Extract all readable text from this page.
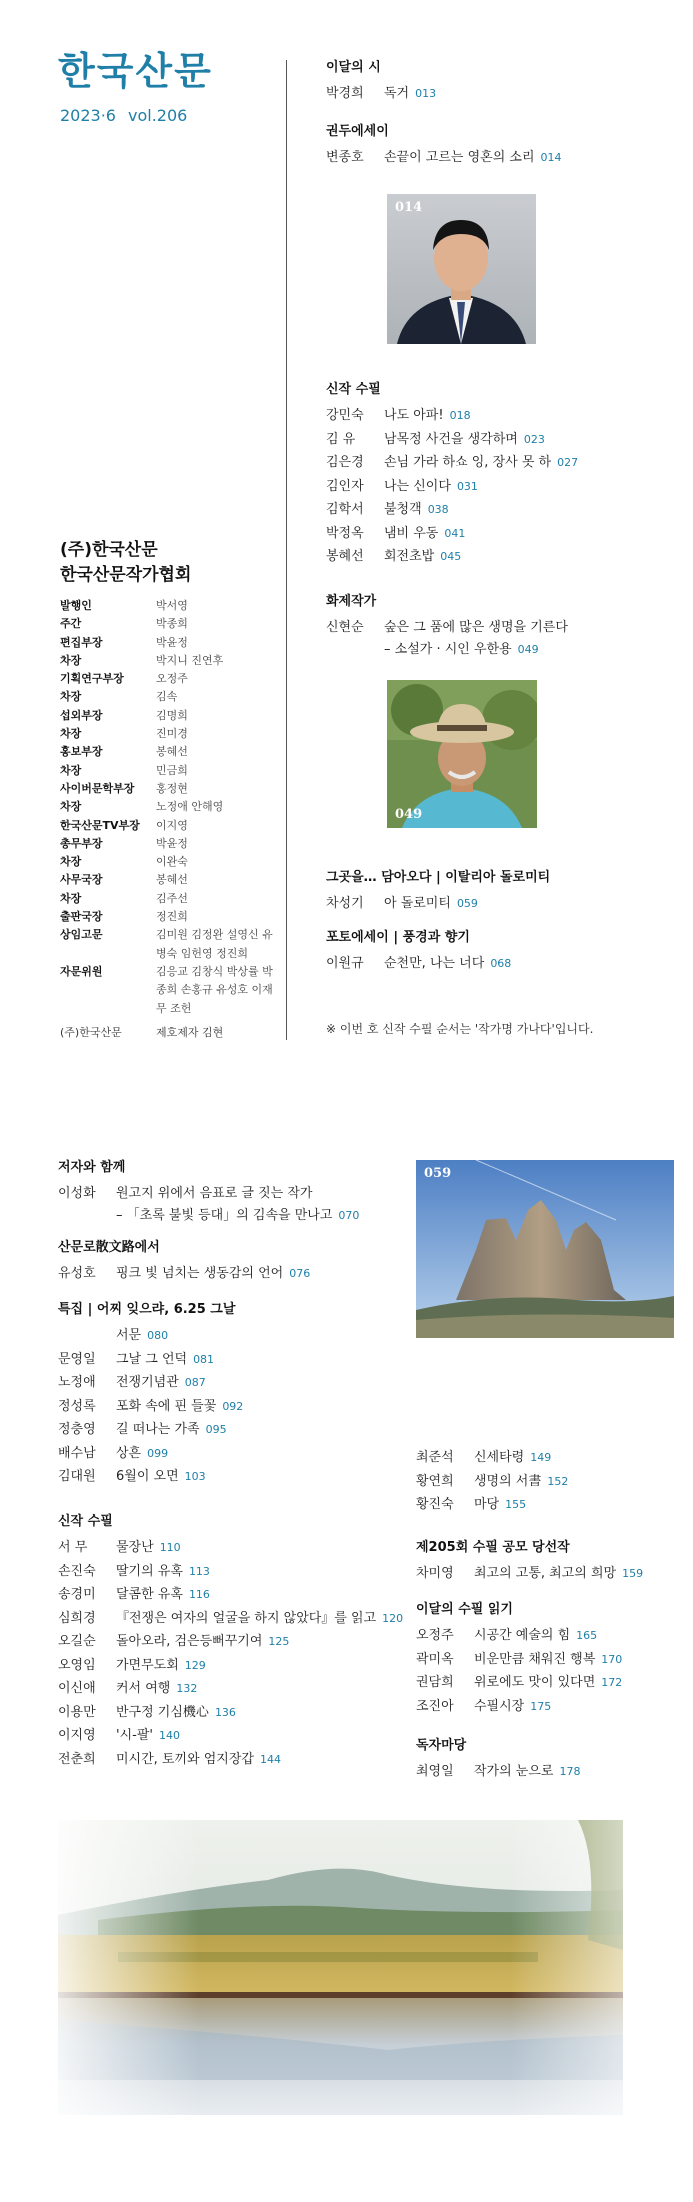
한국산문
2023·6 vol.206
(주)한국산문
한국산문작가협회
발행인	박서영
주간	박종희
편집부장	박윤정
차장	박지니 진연후
기획연구부장	오정주
차장	김속
섭외부장	김명희
차장	진미경
홍보부장	봉혜선
차장	민금희
사이버문학부장	홍정현
차장	노정애 안해영
한국산문TV부장	이지영
총무부장	박윤정
차장	이완숙
사무국장	봉혜선
차장	김주선
출판국장	정진희
상임고문	김미원 김정완 설영신 유병숙 임헌영 정진희
자문위원	김응교 김창식 박상률 박종희 손홍규 유성호 이재무 조헌
(주)한국산문	제호제자 김현
이달의 시
박경희	독거 013
권두에세이
변종호	손끝이 고르는 영혼의 소리 014
014
신작 수필
강민숙	나도 아파! 018
김 유	남목정 사건을 생각하며 023
김은경	손님 가라 하쇼 잉, 장사 못 하 027
김인자	나는 신이다 031
김학서	불청객 038
박정옥	냄비 우동 041
봉혜선	회전초밥 045
화제작가
신현순	숲은 그 품에 많은 생명을 기른다
– 소설가 · 시인 우한용 049
049
그곳을… 담아오다 | 이탈리아 돌로미티
차성기	아 돌로미티 059
포토에세이 | 풍경과 향기
이원규	순천만, 나는 너다 068
※ 이번 호 신작 수필 순서는 '작가명 가나다'입니다.
저자와 함께
이성화	원고지 위에서 음표로 글 짓는 작가
– 「초록 불빛 등대」의 김속을 만나고 070
산문로散文路에서
유성호	핑크 빛 넘치는 생동감의 언어 076
특집 | 어찌 잊으랴, 6.25 그날
서문 080
문영일	그날 그 언덕 081
노정애	전쟁기념관 087
정성록	포화 속에 핀 들꽃 092
정충영	길 떠나는 가족 095
배수남	상흔 099
김대원	6월이 오면 103
신작 수필
서 무	물장난 110
손진숙	딸기의 유혹 113
송경미	달콤한 유혹 116
심희경	『전쟁은 여자의 얼굴을 하지 않았다』를 읽고 120
오길순	돌아오라, 검은등뻐꾸기여 125
오영임	가면무도회 129
이신애	커서 여행 132
이용만	반구정 기심機心 136
이지영	'시-팔' 140
전춘희	미시간, 토끼와 엄지장갑 144
059
최준석	신세타령 149
황연희	생명의 서書 152
황진숙	마당 155
제205회 수필 공모 당선작
차미영	최고의 고통, 최고의 희망 159
이달의 수필 읽기
오정주	시공간 예술의 힘 165
곽미옥	비운만큼 채워진 행복 170
권담희	위로에도 맛이 있다면 172
조진아	수필시장 175
독자마당
최영일	작가의 눈으로 178
